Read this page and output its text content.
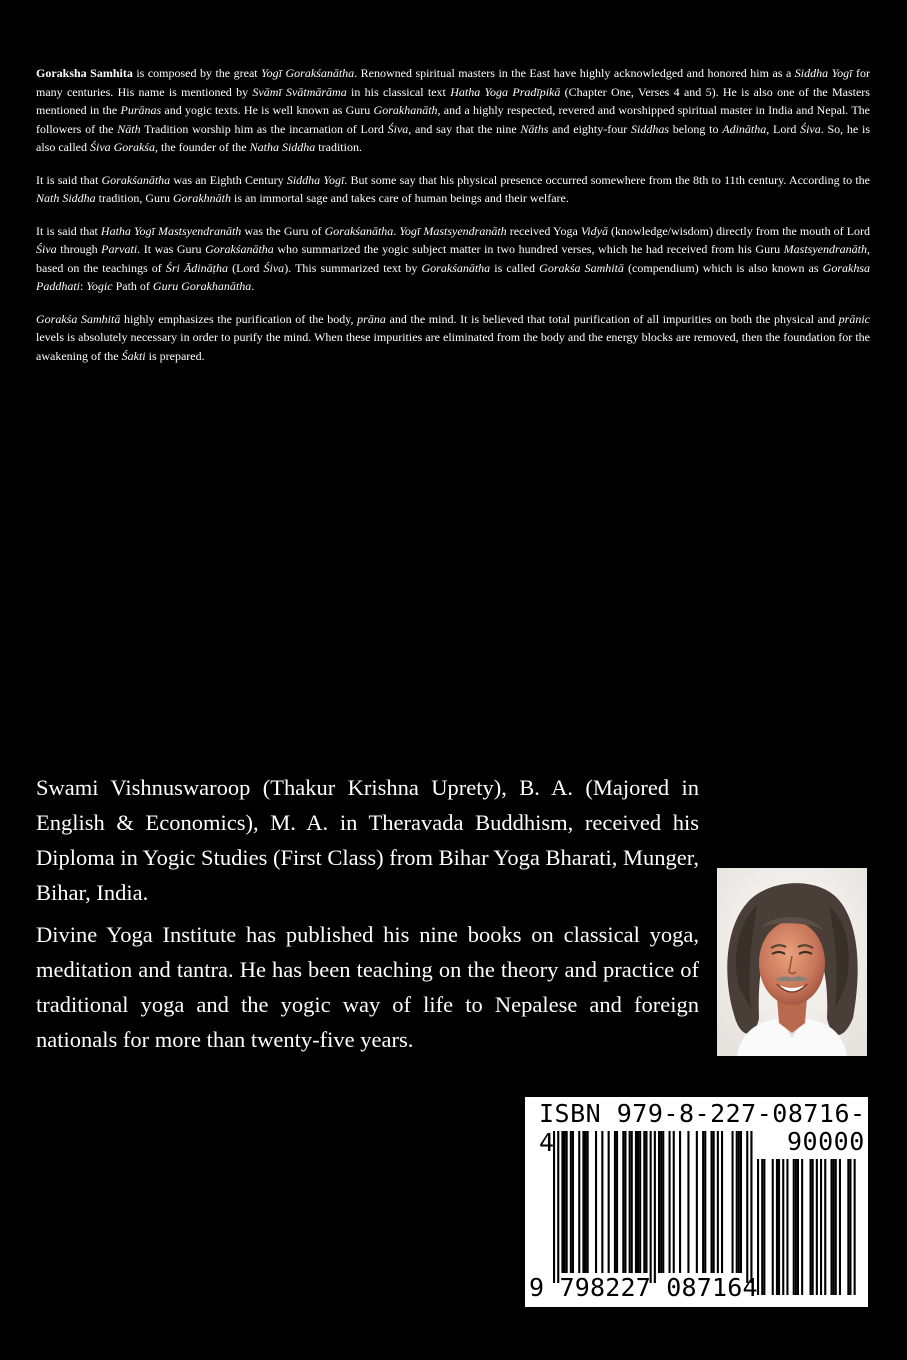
Goraksha Samhita is composed by the great Yogī Gorakśanātha. Renowned spiritual masters in the East have highly acknowledged and honored him as a Siddha Yogī for many centuries. His name is mentioned by Svāmī Svātmārāma in his classical text Hatha Yoga Pradīpikā (Chapter One, Verses 4 and 5). He is also one of the Masters mentioned in the Purānas and yogic texts. He is well known as Guru Gorakhanāth, and a highly respected, revered and worshipped spiritual master in India and Nepal. The followers of the Nāth Tradition worship him as the incarnation of Lord Śiva, and say that the nine Nāths and eighty-four Siddhas belong to Adinātha, Lord Śiva. So, he is also called Śiva Gorakśa, the founder of the Natha Siddha tradition.

It is said that Gorakśanātha was an Eighth Century Siddha Yogī. But some say that his physical presence occurred somewhere from the 8th to 11th century. According to the Nath Siddha tradition, Guru Gorakhnāth is an immortal sage and takes care of human beings and their welfare.

It is said that Hatha Yogī Mastsyendranāth was the Guru of Gorakśanātha. Yogī Mastsyendranāth received Yoga Vidyā (knowledge/wisdom) directly from the mouth of Lord Śiva through Parvati. It was Guru Gorakśanātha who summarized the yogic subject matter in two hundred verses, which he had received from his Guru Mastsyendranāth, based on the teachings of Śri Ādināṭha (Lord Śiva). This summarized text by Gorakśanātha is called Gorakśa Samhitā (compendium) which is also known as Gorakhsa Paddhati: Yogic Path of Guru Gorakhanātha.

Gorakśa Samhitā highly emphasizes the purification of the body, prāna and the mind. It is believed that total purification of all impurities on both the physical and prānic levels is absolutely necessary in order to purify the mind. When these impurities are eliminated from the body and the energy blocks are removed, then the foundation for the awakening of the Śakti is prepared.

Swami Vishnuswaroop (Thakur Krishna Uprety), B. A. (Majored in English & Economics), M. A. in Theravada Buddhism, received his Diploma in Yogic Studies (First Class) from Bihar Yoga Bharati, Munger, Bihar, India.

Divine Yoga Institute has published his nine books on classical yoga, meditation and tantra. He has been teaching on the theory and practice of traditional yoga and the yogic way of life to Nepalese and foreign nationals for more than twenty-five years.

ISBN 979-8-227-08716-4	90000
9 798227 087164
